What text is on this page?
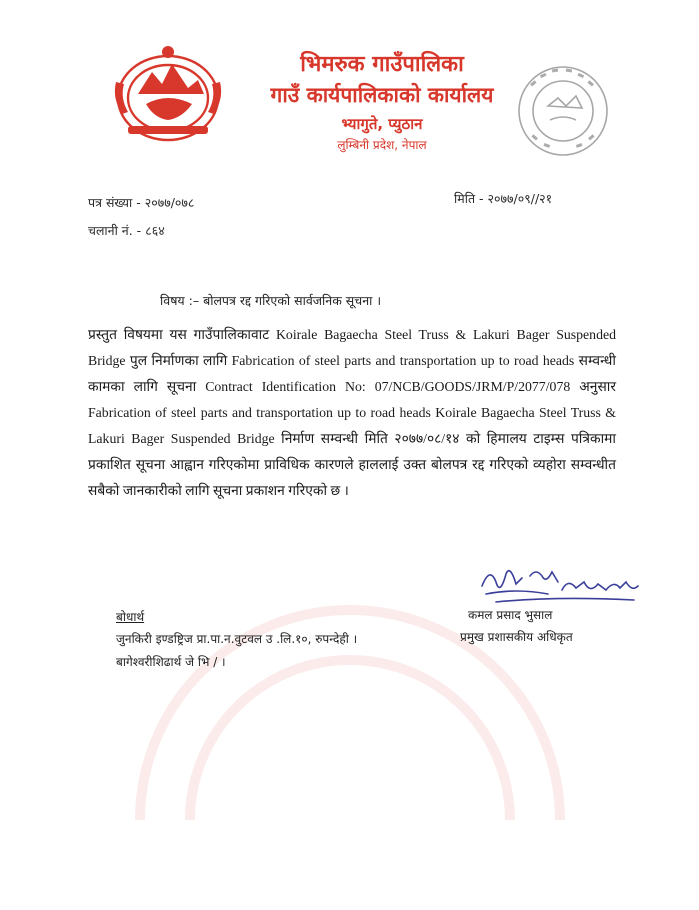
भिमरुक गाउँपालिका
गाउँ कार्यपालिकाको कार्यालय
भ्यागुते, प्युठान
लुम्बिनी प्रदेश, नेपाल
पत्र संख्या - २०७७/०७८
चलानी नं. - ८६४
मिति - २०७७/०९//२१
विषय :– बोलपत्र रद्द गरिएको सार्वजनिक सूचना ।
प्रस्तुत विषयमा यस गाउँपालिकावाट Koirale Bagaecha Steel Truss & Lakuri Bager Suspended Bridge पुल निर्माणका लागि Fabrication of steel parts and transportation up to road heads सम्वन्धी कामका लागि सूचना Contract Identification No: 07/NCB/GOODS/JRM/P/2077/078 अनुसार Fabrication of steel parts and transportation up to road heads Koirale Bagaecha Steel Truss & Lakuri Bager Suspended Bridge निर्माण सम्वन्धी मिति २०७७/०८/१४ को हिमालय टाइम्स पत्रिकामा प्रकाशित सूचना आह्वान गरिएकोमा प्राविधिक कारणले हाललाई उक्त बोलपत्र रद्द गरिएको व्यहोरा सम्वन्धीत सबैको जानकारीको लागि सूचना प्रकाशन गरिएको छ ।
कमल प्रसाद भुसाल
प्रमुख प्रशासकीय अधिकृत
बोधार्थ
जुनकिरी इण्डष्ट्रिज प्रा.पा.न.वुटवल उ .लि.१०, रुपन्देही ।
बागेश्वरीशिढार्थ जे भि / ।
